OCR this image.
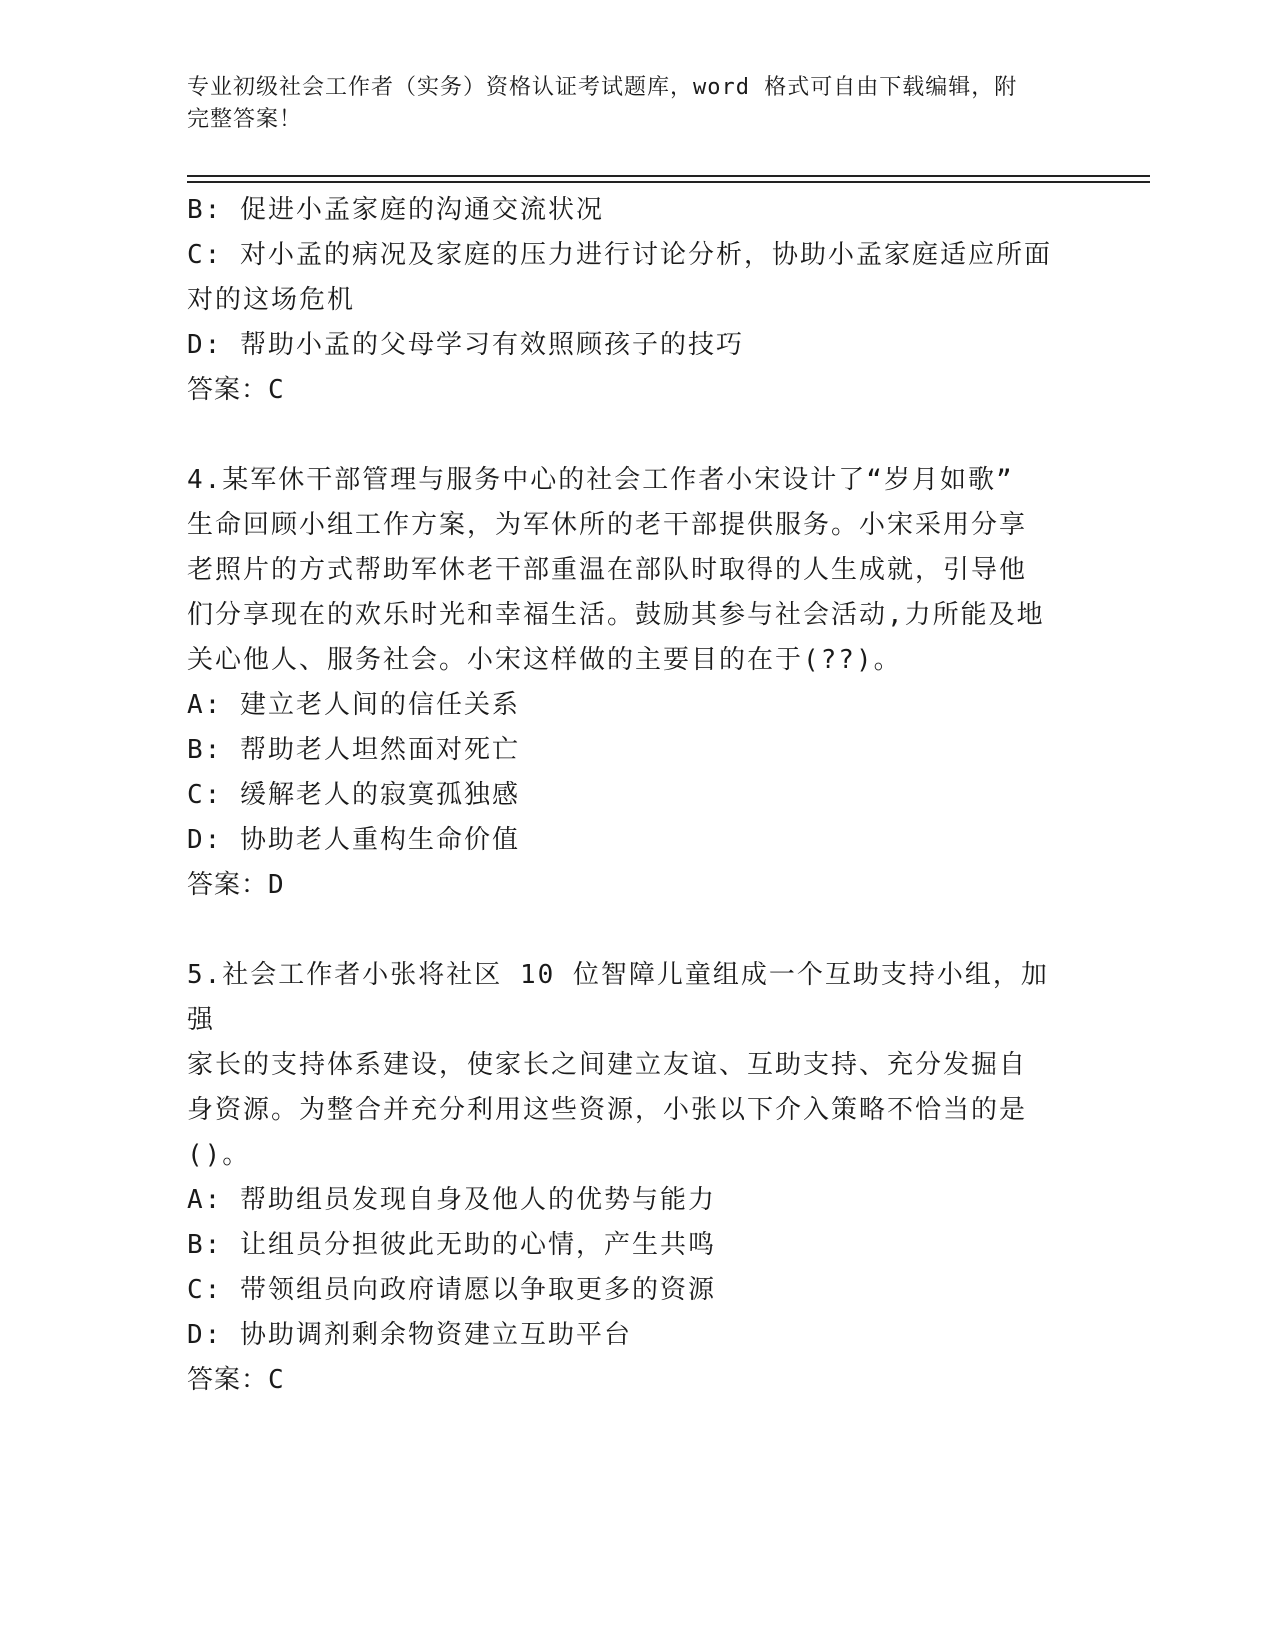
专业初级社会工作者（实务）资格认证考试题库，word 格式可自由下载编辑，附
完整答案！

B: 促进小孟家庭的沟通交流状况

C: 对小孟的病况及家庭的压力进行讨论分析，协助小孟家庭适应所面

对的这场危机

D: 帮助小孟的父母学习有效照顾孩子的技巧

答案：C

4.某军休干部管理与服务中心的社会工作者小宋设计了“岁月如歌”

生命回顾小组工作方案，为军休所的老干部提供服务。小宋采用分享

老照片的方式帮助军休老干部重温在部队时取得的人生成就，引导他

们分享现在的欢乐时光和幸福生活。鼓励其参与社会活动,力所能及地

关心他人、服务社会。小宋这样做的主要目的在于(??)。

A: 建立老人间的信任关系

B: 帮助老人坦然面对死亡

C: 缓解老人的寂寞孤独感

D: 协助老人重构生命价值

答案：D

5.社会工作者小张将社区 10 位智障儿童组成一个互助支持小组，加强

家长的支持体系建设，使家长之间建立友谊、互助支持、充分发掘自

身资源。为整合并充分利用这些资源，小张以下介入策略不恰当的是

()。

A: 帮助组员发现自身及他人的优势与能力

B: 让组员分担彼此无助的心情，产生共鸣

C: 带领组员向政府请愿以争取更多的资源

D: 协助调剂剩余物资建立互助平台

答案：C
